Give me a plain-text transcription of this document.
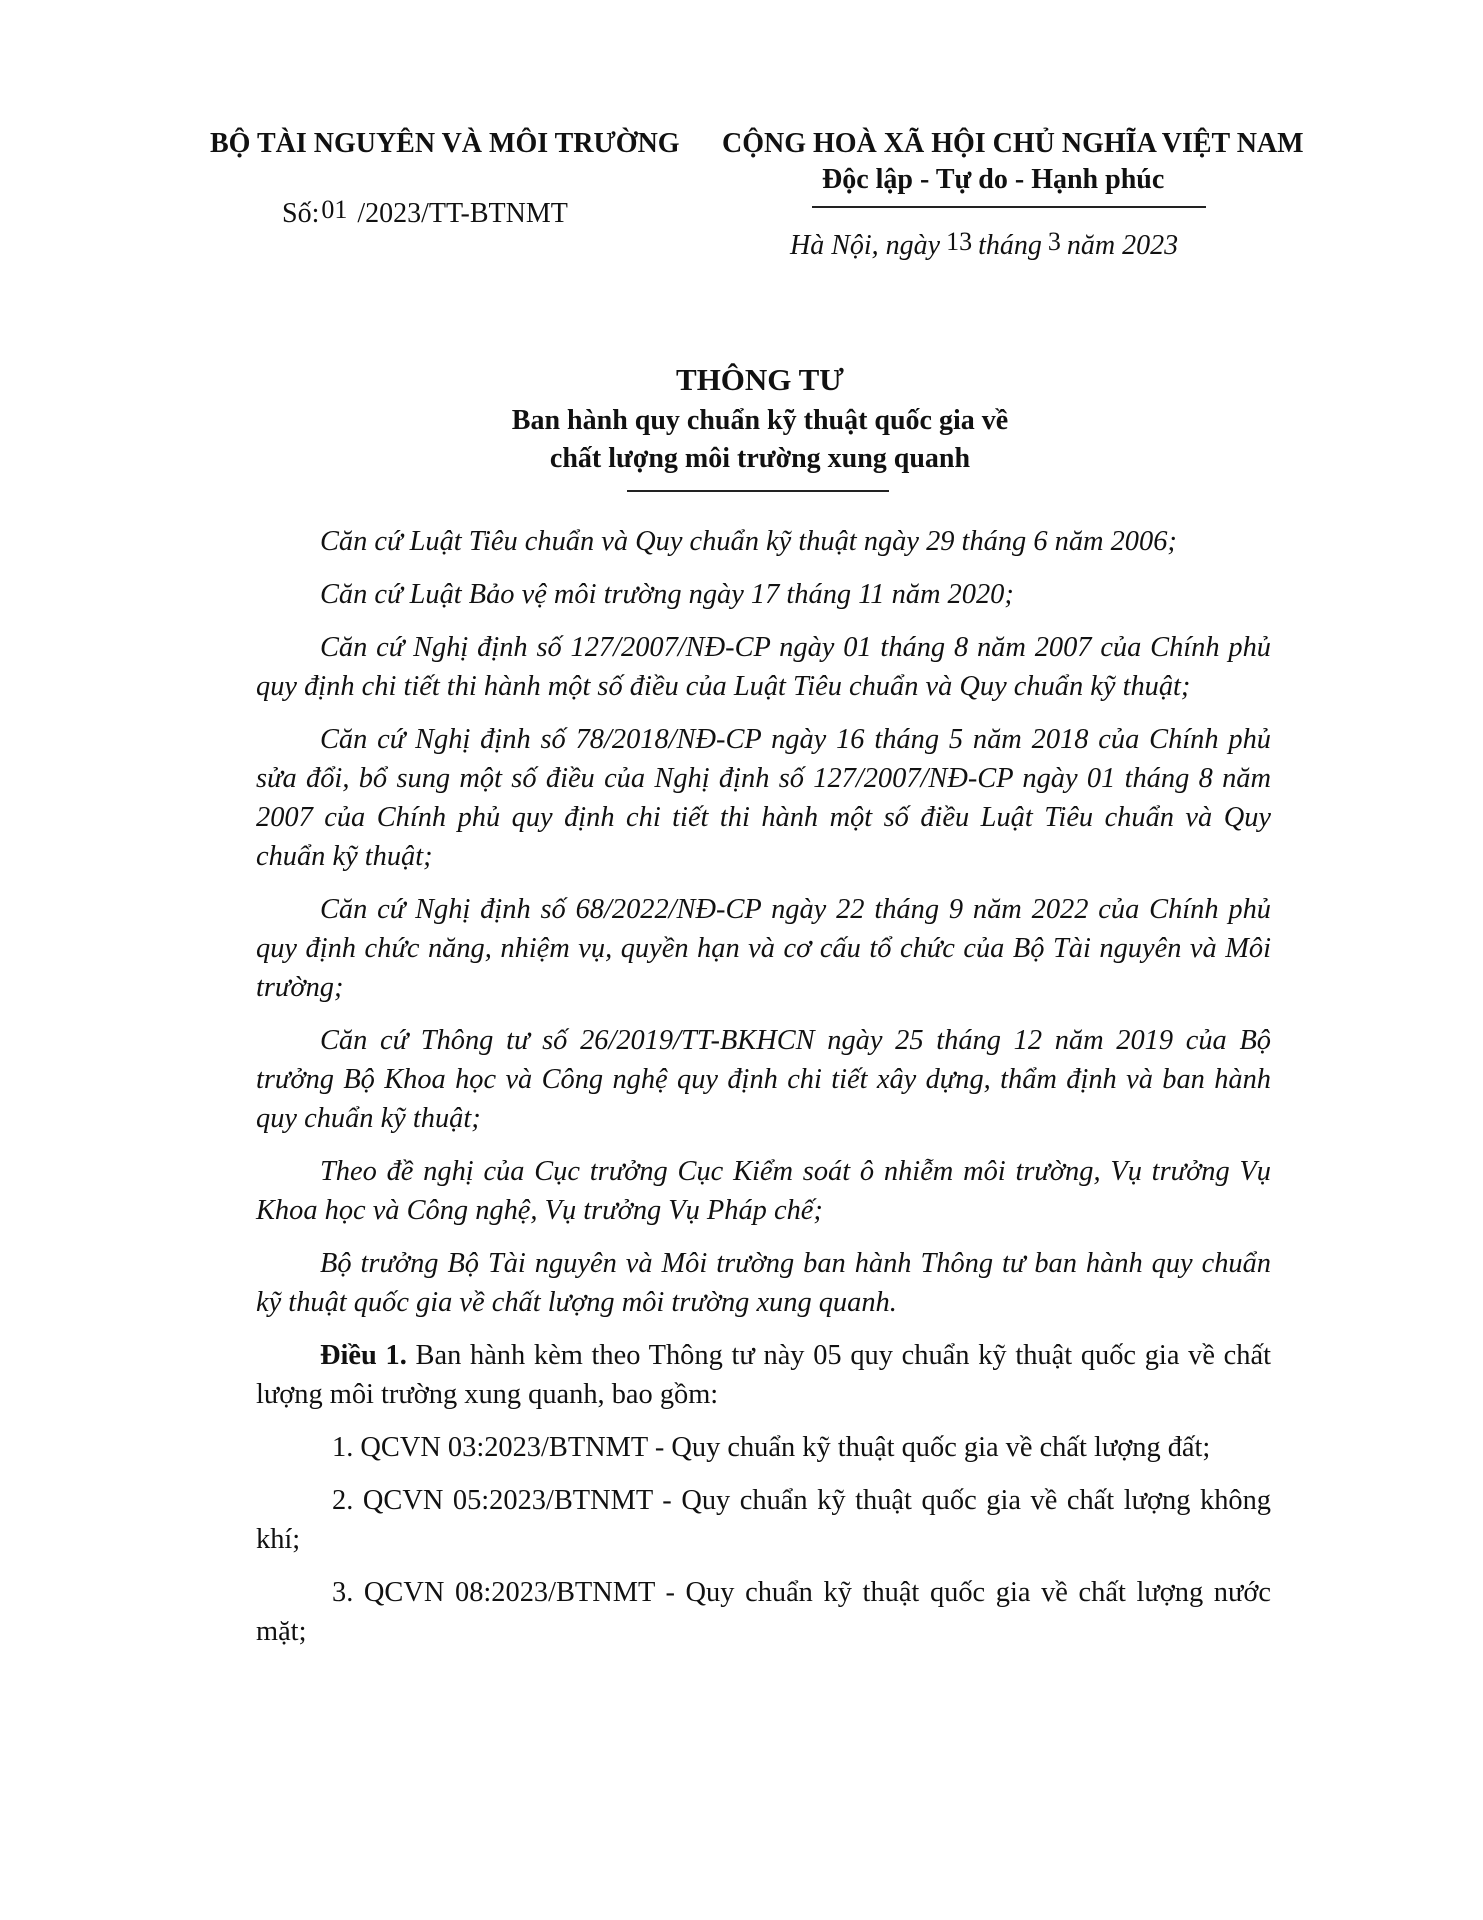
BỘ TÀI NGUYÊN VÀ MÔI TRƯỜNG CỘNG HOÀ XÃ HỘI CHỦ NGHĨA VIỆT NAM
Độc lập - Tự do - Hạnh phúc
Số:01 /2023/TT-BTNMT
Hà Nội, ngày 13 tháng 3 năm 2023
THÔNG TƯ
Ban hành quy chuẩn kỹ thuật quốc gia về
chất lượng môi trường xung quanh

Căn cứ Luật Tiêu chuẩn và Quy chuẩn kỹ thuật ngày 29 tháng 6 năm 2006;

Căn cứ Luật Bảo vệ môi trường ngày 17 tháng 11 năm 2020;

Căn cứ Nghị định số 127/2007/NĐ-CP ngày 01 tháng 8 năm 2007 của Chính phủ quy định chi tiết thi hành một số điều của Luật Tiêu chuẩn và Quy chuẩn kỹ thuật;

Căn cứ Nghị định số 78/2018/NĐ-CP ngày 16 tháng 5 năm 2018 của Chính phủ sửa đổi, bổ sung một số điều của Nghị định số 127/2007/NĐ-CP ngày 01 tháng 8 năm 2007 của Chính phủ quy định chi tiết thi hành một số điều Luật Tiêu chuẩn và Quy chuẩn kỹ thuật;

Căn cứ Nghị định số 68/2022/NĐ-CP ngày 22 tháng 9 năm 2022 của Chính phủ quy định chức năng, nhiệm vụ, quyền hạn và cơ cấu tổ chức của Bộ Tài nguyên và Môi trường;

Căn cứ Thông tư số 26/2019/TT-BKHCN ngày 25 tháng 12 năm 2019 của Bộ trưởng Bộ Khoa học và Công nghệ quy định chi tiết xây dựng, thẩm định và ban hành quy chuẩn kỹ thuật;

Theo đề nghị của Cục trưởng Cục Kiểm soát ô nhiễm môi trường, Vụ trưởng Vụ Khoa học và Công nghệ, Vụ trưởng Vụ Pháp chế;

Bộ trưởng Bộ Tài nguyên và Môi trường ban hành Thông tư ban hành quy chuẩn kỹ thuật quốc gia về chất lượng môi trường xung quanh.

Điều 1. Ban hành kèm theo Thông tư này 05 quy chuẩn kỹ thuật quốc gia về chất lượng môi trường xung quanh, bao gồm:

1. QCVN 03:2023/BTNMT - Quy chuẩn kỹ thuật quốc gia về chất lượng đất;

2. QCVN 05:2023/BTNMT - Quy chuẩn kỹ thuật quốc gia về chất lượng không khí;

3. QCVN 08:2023/BTNMT - Quy chuẩn kỹ thuật quốc gia về chất lượng nước mặt;
